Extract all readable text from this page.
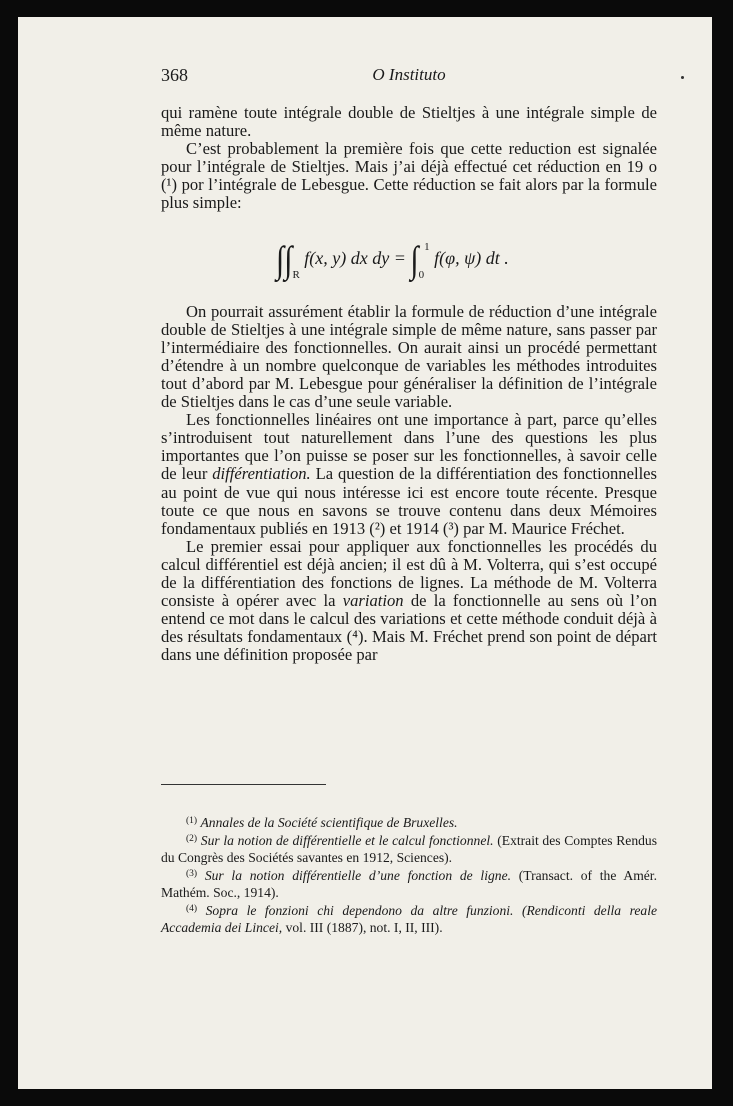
368	O Instituto

qui ramène toute intégrale double de Stieltjes à une intégrale simple de même nature.

C’est probablement la première fois que cette reduction est signalée pour l’intégrale de Stieltjes. Mais j’ai déjà effectué cet réduction en 19 o (¹) por l’intégrale de Lebesgue. Cette réduction se fait alors par la formule plus simple:

$\int\int_R$ f(x, y) dx dy = $\int_0^1$ f(φ, ψ) dt .

On pourrait assurément établir la formule de réduction d’une intégrale double de Stieltjes à une intégrale simple de même nature, sans passer par l’intermédiaire des fonctionnelles. On aurait ainsi un procédé permettant d’étendre à un nombre quelconque de variables les méthodes introduites tout d’abord par M. Lebesgue pour généraliser la définition de l’intégrale de Stieltjes dans le cas d’une seule variable.

Les fonctionnelles linéaires ont une importance à part, parce qu’elles s’introduisent tout naturellement dans l’une des questions les plus importantes que l’on puisse se poser sur les fonctionnelles, à savoir celle de leur différentiation. La question de la différentiation des fonctionnelles au point de vue qui nous intéresse ici est encore toute récente. Presque toute ce que nous en savons se trouve contenu dans deux Mémoires fondamentaux publiés en 1913 (²) et 1914 (³) par M. Maurice Fréchet.

Le premier essai pour appliquer aux fonctionnelles les procédés du calcul différentiel est déjà ancien; il est dû à M. Volterra, qui s’est occupé de la différentiation des fonctions de lignes. La méthode de M. Volterra consiste à opérer avec la variation de la fonctionnelle au sens où l’on entend ce mot dans le calcul des variations et cette méthode conduit déjà à des résultats fondamentaux (⁴). Mais M. Fréchet prend son point de départ dans une définition proposée par

$^{(1)}$ Annales de la Société scientifique de Bruxelles.

$^{(2)}$ Sur la notion de différentielle et le calcul fonctionnel. (Extrait des Comptes Rendus du Congrès des Sociétés savantes en 1912, Sciences).

$^{(3)}$ Sur la notion différentielle d’une fonction de ligne. (Transact. of the Amér. Mathém. Soc., 1914).

$^{(4)}$ Sopra le fonzioni chi dependono da altre funzioni. (Rendiconti della reale Accademia dei Lincei, vol. III (1887), not. I, II, III).
